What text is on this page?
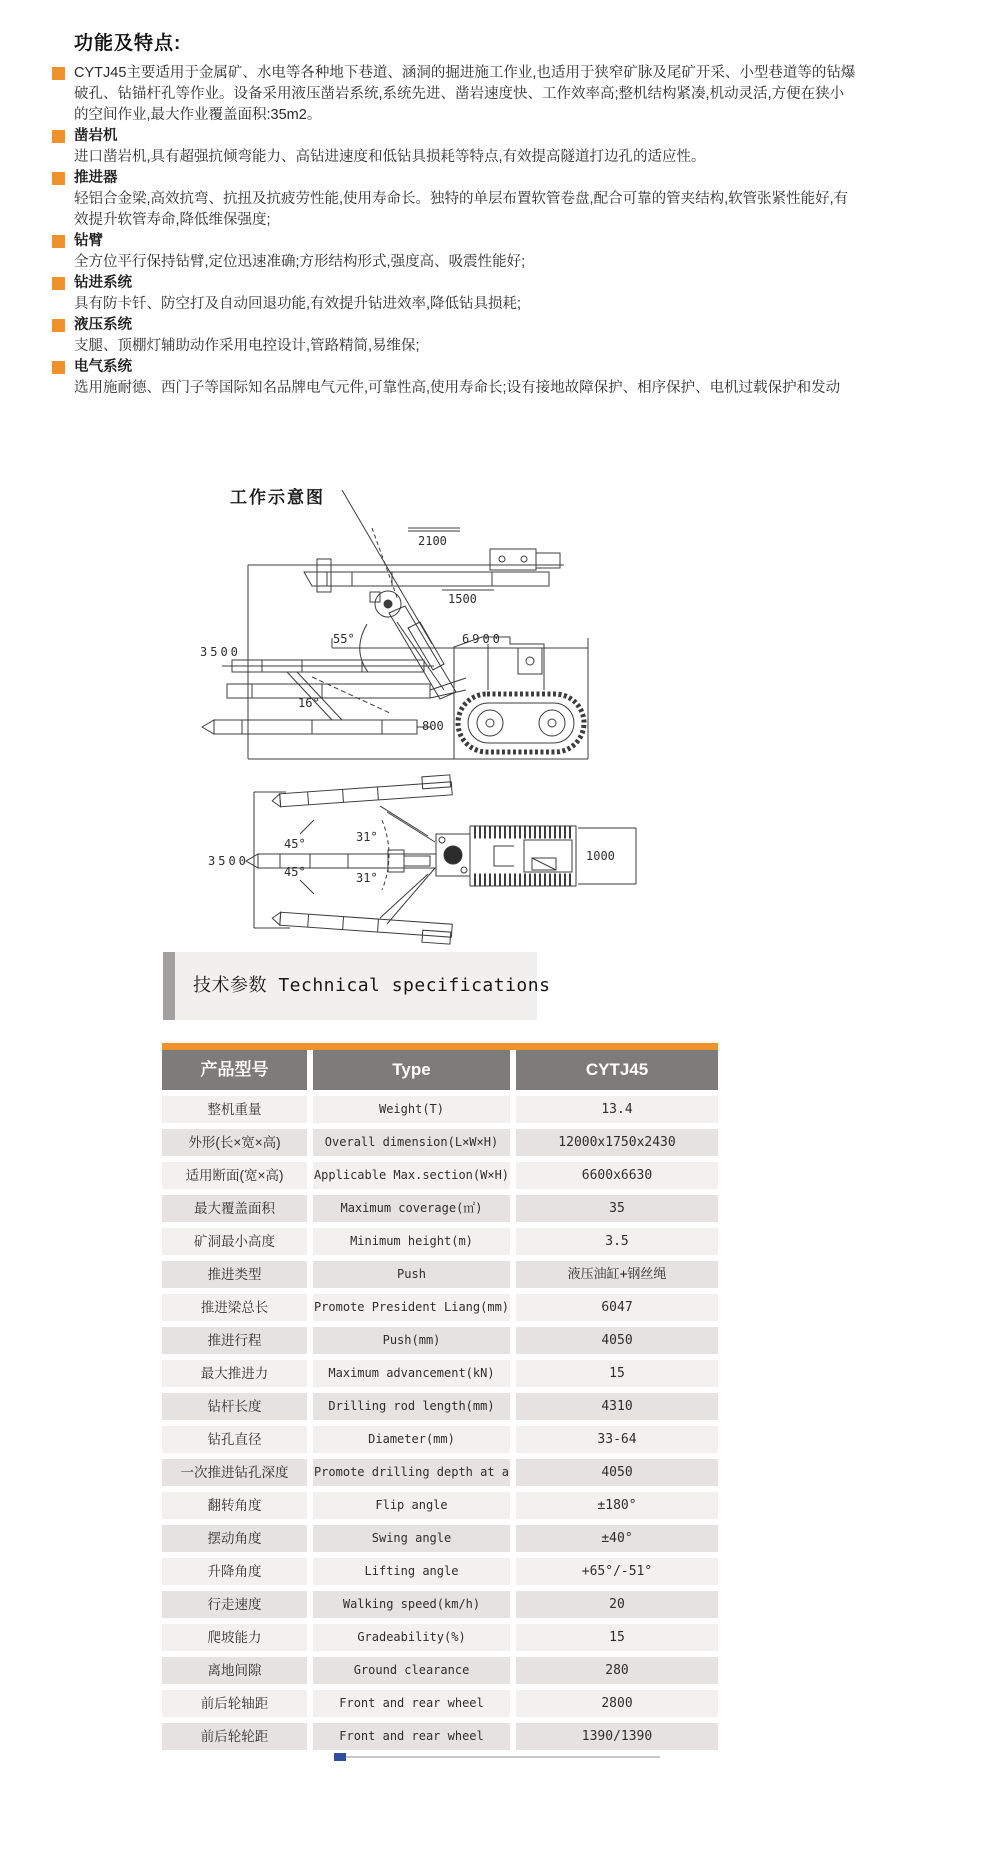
功能及特点:
CYTJ45主要适用于金属矿、水电等各种地下巷道、涵洞的掘进施工作业,也适用于狭窄矿脉及尾矿开采、小型巷道等的钻爆破孔、钻锚杆孔等作业。设备采用液压凿岩系统,系统先进、凿岩速度快、工作效率高;整机结构紧凑,机动灵活,方便在狭小的空间作业,最大作业覆盖面积:35m2。
凿岩机
进口凿岩机,具有超强抗倾弯能力、高钻进速度和低钻具损耗等特点,有效提高隧道打边孔的适应性。
推进器
轻铝合金梁,高效抗弯、抗扭及抗疲劳性能,使用寿命长。独特的单层布置软管卷盘,配合可靠的管夹结构,软管张紧性能好,有效提升软管寿命,降低维保强度;
钻臂
全方位平行保持钻臂,定位迅速准确;方形结构形式,强度高、吸震性能好;
钻进系统
具有防卡钎、防空打及自动回退功能,有效提升钻进效率,降低钻具损耗;
液压系统
支腿、顶棚灯辅助动作采用电控设计,管路精简,易维保;
电气系统
选用施耐德、西门子等国际知名品牌电气元件,可靠性高,使用寿命长;设有接地故障保护、相序保护、电机过载保护和发动
工作示意图
2100
1500
6900
3500
55°
16°
800
3500
45°
45°
31°
31°
1000
技术参数 Technical specifications
产品型号	Type	CYTJ45
整机重量	Weight(T)	13.4
外形(长×宽×高)	Overall dimension(L×W×H)	12000x1750x2430
适用断面(宽×高)	Applicable Max.section(W×H)	6600x6630
最大覆盖面积	Maximum coverage(㎡)	35
矿洞最小高度	Minimum height(m)	3.5
推进类型	Push	液压油缸+钢丝绳
推进梁总长	Promote President Liang(mm)	6047
推进行程	Push(mm)	4050
最大推进力	Maximum advancement(kN)	15
钻杆长度	Drilling rod length(mm)	4310
钻孔直径	Diameter(mm)	33-64
一次推进钻孔深度	Promote drilling depth at a	4050
翻转角度	Flip angle	±180°
摆动角度	Swing angle	±40°
升降角度	Lifting angle	+65°/-51°
行走速度	Walking speed(km/h)	20
爬坡能力	Gradeability(%)	15
离地间隙	Ground clearance	280
前后轮轴距	Front and rear wheel	2800
前后轮轮距	Front and rear wheel	1390/1390
